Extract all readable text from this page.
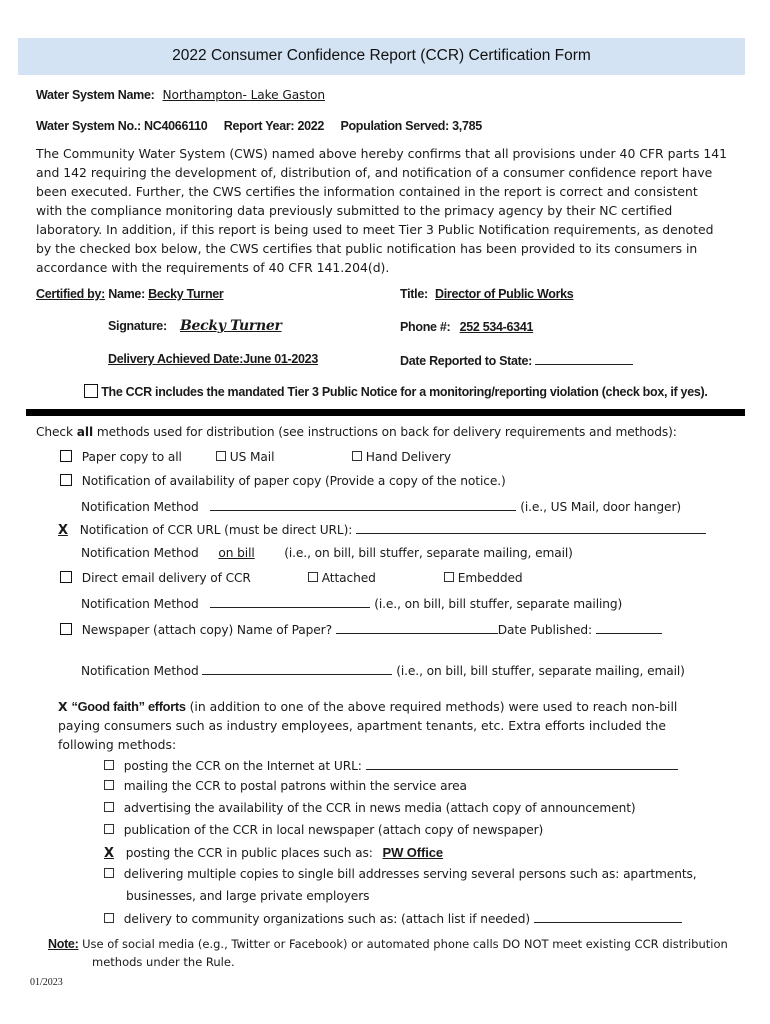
2022 Consumer Confidence Report (CCR) Certification Form
Water System Name: Northampton- Lake Gaston
Water System No.: NC4066110 Report Year: 2022 Population Served: 3,785
The Community Water System (CWS) named above hereby confirms that all provisions under 40 CFR parts 141
and 142 requiring the development of, distribution of, and notification of a consumer confidence report have
been executed. Further, the CWS certifies the information contained in the report is correct and consistent
with the compliance monitoring data previously submitted to the primacy agency by their NC certified
laboratory. In addition, if this report is being used to meet Tier 3 Public Notification requirements, as denoted
by the checked box below, the CWS certifies that public notification has been provided to its consumers in
accordance with the requirements of 40 CFR 141.204(d).
Certified by: Name: Becky Turner	Title: Director of Public Works
Signature: Becky Turner	Phone #: 252 534-6341
Delivery Achieved Date:June 01-2023	Date Reported to State:
The CCR includes the mandated Tier 3 Public Notice for a monitoring/reporting violation (check box, if yes).
Check all methods used for distribution (see instructions on back for delivery requirements and methods):
Paper copy to all	US Mail	Hand Delivery
Notification of availability of paper copy (Provide a copy of the notice.)
Notification Method	(i.e., US Mail, door hanger)
X Notification of CCR URL (must be direct URL):
Notification Method on bill (i.e., on bill, bill stuffer, separate mailing, email)
Direct email delivery of CCR	Attached	Embedded
Notification Method	(i.e., on bill, bill stuffer, separate mailing)
Newspaper (attach copy) Name of Paper?	Date Published:
Notification Method	(i.e., on bill, bill stuffer, separate mailing, email)
X “Good faith” efforts (in addition to one of the above required methods) were used to reach non-bill
paying consumers such as industry employees, apartment tenants, etc. Extra efforts included the
following methods:
posting the CCR on the Internet at URL:
mailing the CCR to postal patrons within the service area
advertising the availability of the CCR in news media (attach copy of announcement)
publication of the CCR in local newspaper (attach copy of newspaper)
X posting the CCR in public places such as: PW Office
delivering multiple copies to single bill addresses serving several persons such as: apartments,
businesses, and large private employers
delivery to community organizations such as: (attach list if needed)
Note: Use of social media (e.g., Twitter or Facebook) or automated phone calls DO NOT meet existing CCR distribution
methods under the Rule.
01/2023
